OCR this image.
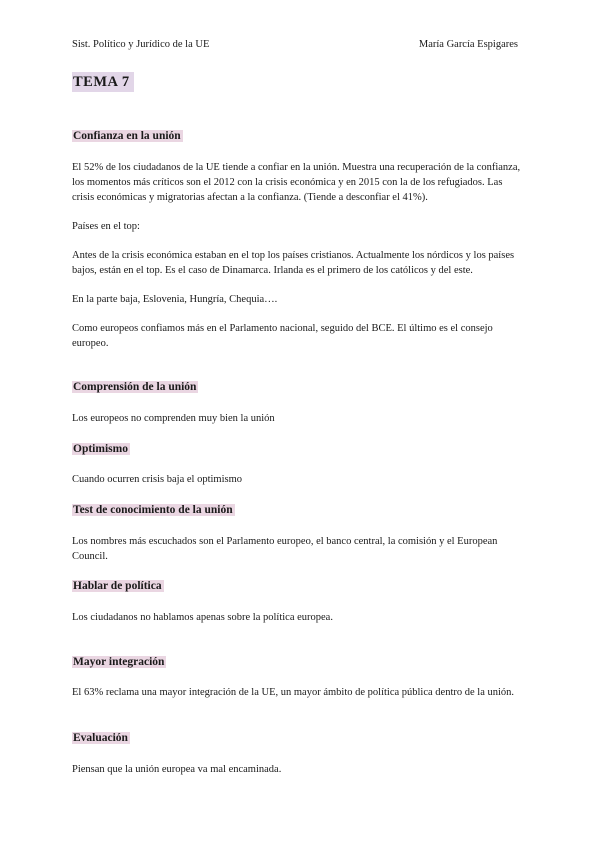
Sist. Político y Jurídico de la UE	María García Espigares
TEMA 7
Confianza en la unión
El 52% de los ciudadanos de la UE tiende a confiar en la unión. Muestra una recuperación de la confianza, los momentos más críticos son el 2012 con la crisis económica y en 2015 con la de los refugiados. Las crisis económicas y migratorias afectan a la confianza. (Tiende a desconfiar el 41%).
Países en el top:
Antes de la crisis económica estaban en el top los países cristianos. Actualmente los nórdicos y los países bajos, están en el top. Es el caso de Dinamarca. Irlanda es el primero de los católicos y del este.
En la parte baja, Eslovenia, Hungría, Chequia….
Como europeos confiamos más en el Parlamento nacional, seguido del BCE. El último es el consejo europeo.
Comprensión de la unión
Los europeos no comprenden muy bien la unión
Optimismo
Cuando ocurren crisis baja el optimismo
Test de conocimiento de la unión
Los nombres más escuchados son el Parlamento europeo, el banco central, la comisión y el European Council.
Hablar de política
Los ciudadanos no hablamos apenas sobre la política europea.
Mayor integración
El 63% reclama una mayor integración de la UE, un mayor ámbito de política pública dentro de la unión.
Evaluación
Piensan que la unión europea va mal encaminada.
